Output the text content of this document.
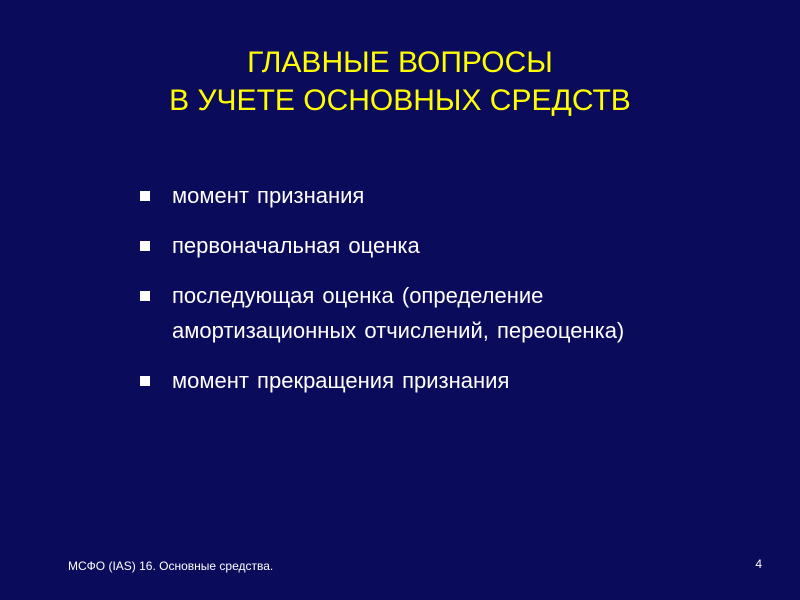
ГЛАВНЫЕ ВОПРОСЫ
В УЧЕТЕ ОСНОВНЫХ СРЕДСТВ
момент признания
первоначальная оценка
последующая оценка (определение амортизационных отчислений, переоценка)
момент прекращения признания
МСФО (IAS) 16. Основные средства.	4
